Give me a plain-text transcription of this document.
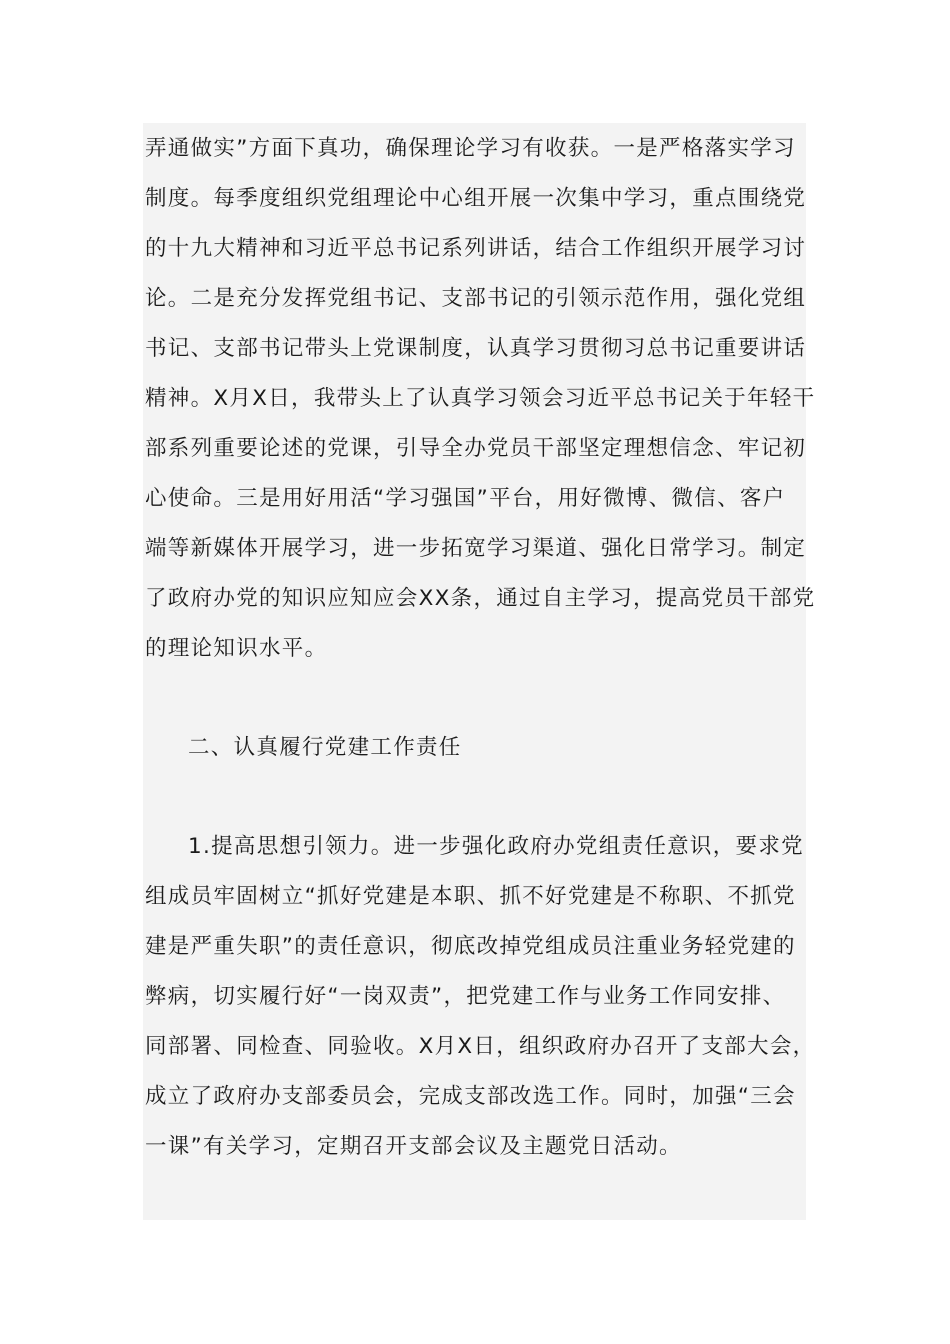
弄通做实”方面下真功，确保理论学习有收获。一是严格落实学习

制度。每季度组织党组理论中心组开展一次集中学习，重点围绕党

的十九大精神和习近平总书记系列讲话，结合工作组织开展学习讨

论。二是充分发挥党组书记、支部书记的引领示范作用，强化党组

书记、支部书记带头上党课制度，认真学习贯彻习总书记重要讲话

精神。X月X日，我带头上了认真学习领会习近平总书记关于年轻干

部系列重要论述的党课，引导全办党员干部坚定理想信念、牢记初

心使命。三是用好用活“学习强国”平台，用好微博、微信、客户

端等新媒体开展学习，进一步拓宽学习渠道、强化日常学习。制定

了政府办党的知识应知应会XX条，通过自主学习，提高党员干部党

的理论知识水平。

二、认真履行党建工作责任

1.提高思想引领力。进一步强化政府办党组责任意识，要求党

组成员牢固树立“抓好党建是本职、抓不好党建是不称职、不抓党

建是严重失职”的责任意识，彻底改掉党组成员注重业务轻党建的

弊病，切实履行好“一岗双责”，把党建工作与业务工作同安排、

同部署、同检查、同验收。X月X日，组织政府办召开了支部大会，

成立了政府办支部委员会，完成支部改选工作。同时，加强“三会

一课”有关学习，定期召开支部会议及主题党日活动。
